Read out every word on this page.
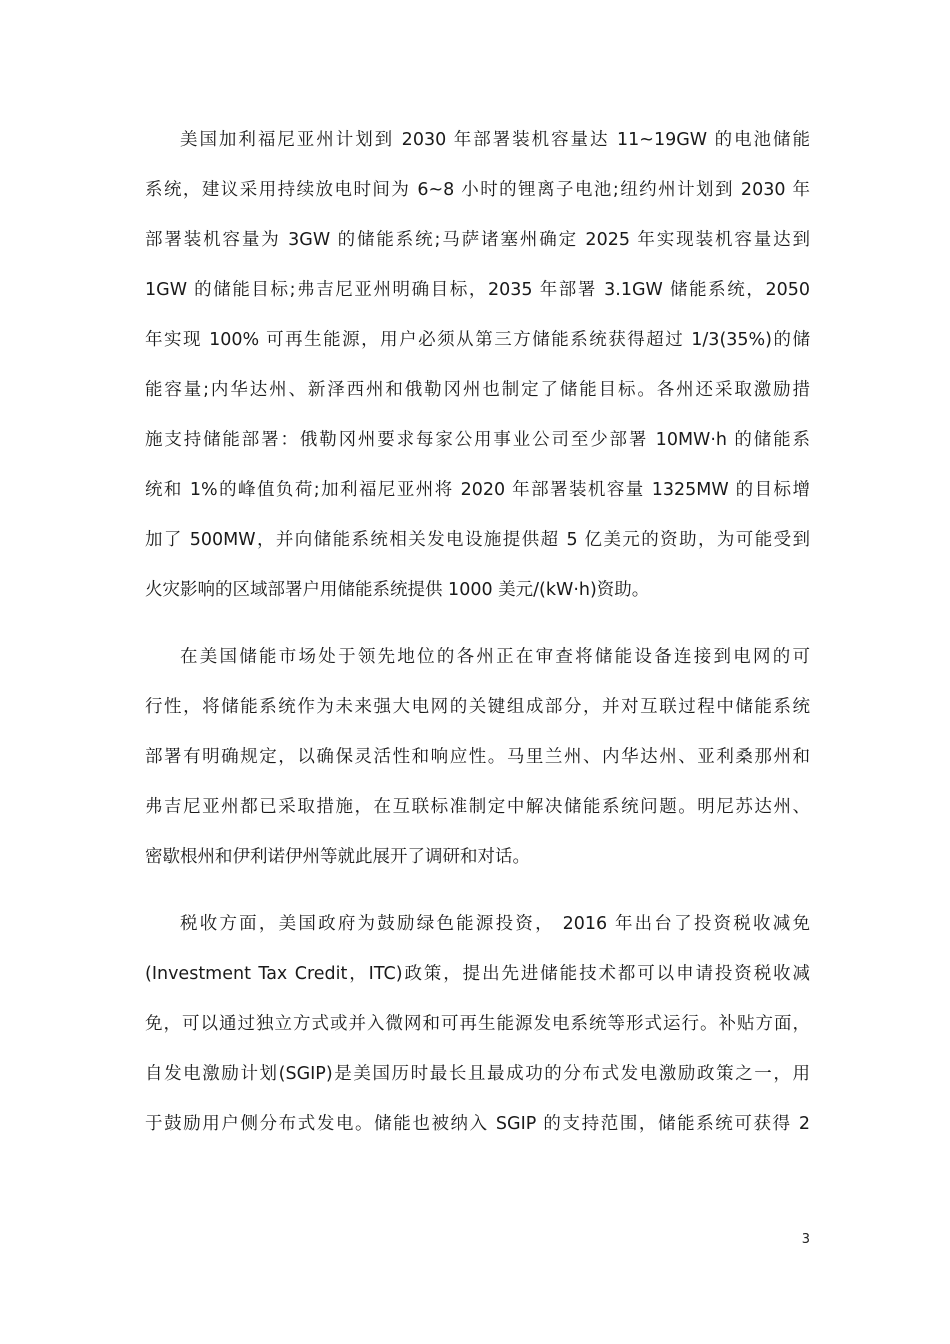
美国加利福尼亚州计划到 2030 年部署装机容量达 11~19GW 的电池储能
系统，建议采用持续放电时间为 6~8 小时的锂离子电池;纽约州计划到 2030 年
部署装机容量为 3GW 的储能系统;马萨诸塞州确定 2025 年实现装机容量达到
1GW 的储能目标;弗吉尼亚州明确目标，2035 年部署 3.1GW 储能系统，2050
年实现 100% 可再生能源，用户必须从第三方储能系统获得超过 1/3(35%)的储
能容量;内华达州、新泽西州和俄勒冈州也制定了储能目标。各州还采取激励措
施支持储能部署：俄勒冈州要求每家公用事业公司至少部署 10MW·h 的储能系
统和 1%的峰值负荷;加利福尼亚州将 2020 年部署装机容量 1325MW 的目标增
加了 500MW，并向储能系统相关发电设施提供超 5 亿美元的资助，为可能受到
火灾影响的区域部署户用储能系统提供 1000 美元/(kW·h)资助。
在美国储能市场处于领先地位的各州正在审查将储能设备连接到电网的可
行性，将储能系统作为未来强大电网的关键组成部分，并对互联过程中储能系统
部署有明确规定，以确保灵活性和响应性。马里兰州、内华达州、亚利桑那州和
弗吉尼亚州都已采取措施，在互联标准制定中解决储能系统问题。明尼苏达州、
密歇根州和伊利诺伊州等就此展开了调研和对话。
税收方面，美国政府为鼓励绿色能源投资， 2016 年出台了投资税收减免
(Investment Tax Credit，ITC)政策，提出先进储能技术都可以申请投资税收减
免，可以通过独立方式或并入微网和可再生能源发电系统等形式运行。补贴方面，
自发电激励计划(SGIP)是美国历时最长且最成功的分布式发电激励政策之一，用
于鼓励用户侧分布式发电。储能也被纳入 SGIP 的支持范围，储能系统可获得 2
3
